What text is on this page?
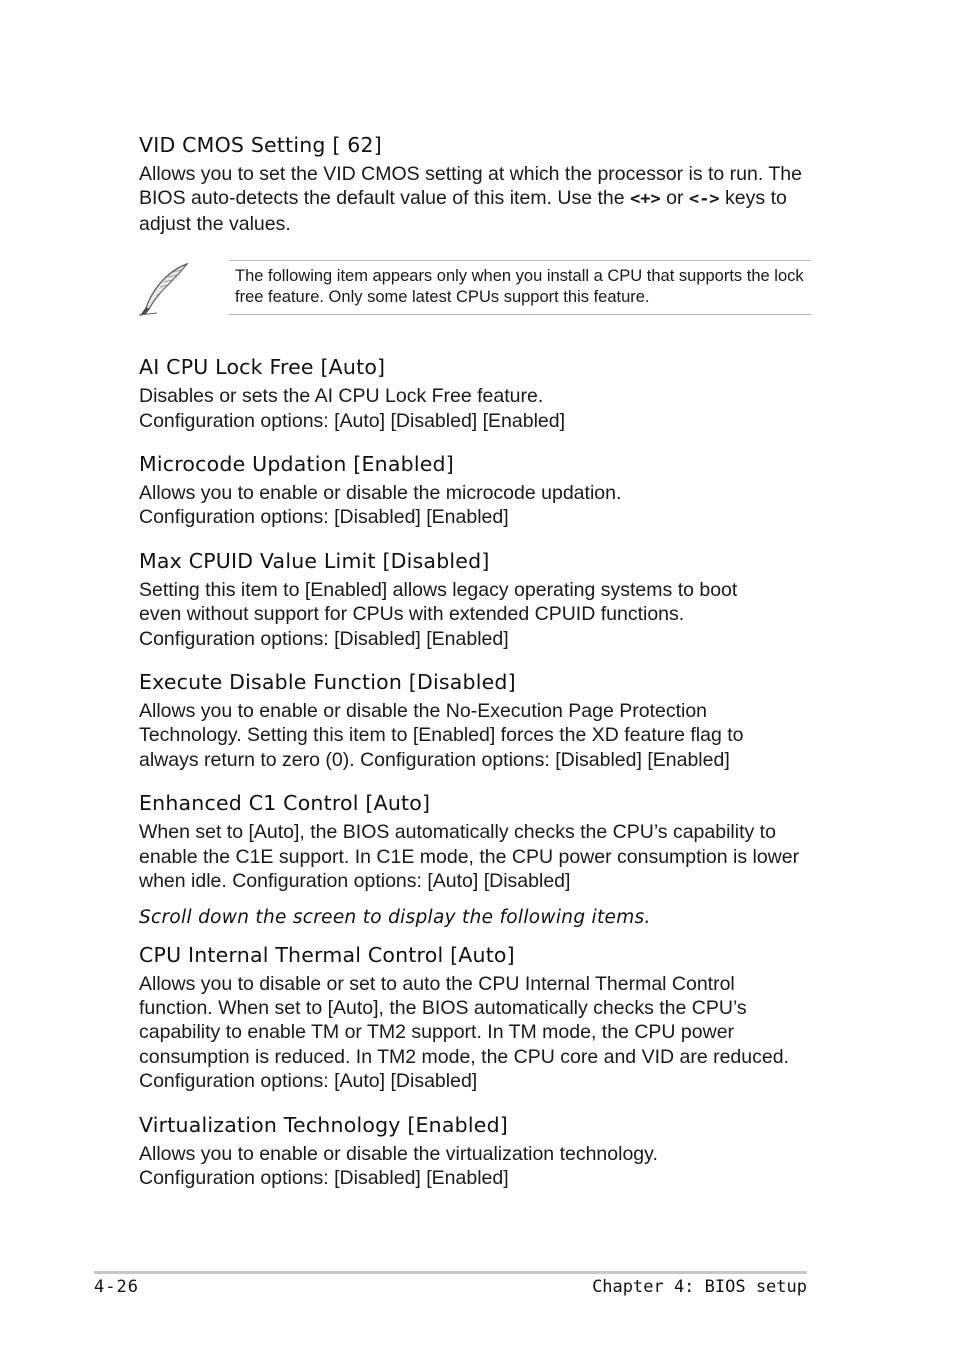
VID CMOS Setting [ 62]

Allows you to set the VID CMOS setting at which the processor is to run. The BIOS auto-detects the default value of this item. Use the <+> or <-> keys to adjust the values.

The following item appears only when you install a CPU that supports the lock free feature. Only some latest CPUs support this feature.

AI CPU Lock Free [Auto]

Disables or sets the AI CPU Lock Free feature.

Configuration options: [Auto] [Disabled] [Enabled]

Microcode Updation [Enabled]

Allows you to enable or disable the microcode updation.

Configuration options: [Disabled] [Enabled]

Max CPUID Value Limit [Disabled]

Setting this item to [Enabled] allows legacy operating systems to boot

even without support for CPUs with extended CPUID functions.

Configuration options: [Disabled] [Enabled]

Execute Disable Function [Disabled]

Allows you to enable or disable the No-Execution Page Protection

Technology. Setting this item to [Enabled] forces the XD feature flag to

always return to zero (0). Configuration options: [Disabled] [Enabled]

Enhanced C1 Control [Auto]

When set to [Auto], the BIOS automatically checks the CPU’s capability to

enable the C1E support. In C1E mode, the CPU power consumption is lower

when idle. Configuration options: [Auto] [Disabled]

Scroll down the screen to display the following items.

CPU Internal Thermal Control [Auto]

Allows you to disable or set to auto the CPU Internal Thermal Control

function. When set to [Auto], the BIOS automatically checks the CPU’s

capability to enable TM or TM2 support. In TM mode, the CPU power

consumption is reduced. In TM2 mode, the CPU core and VID are reduced.

Configuration options: [Auto] [Disabled]

Virtualization Technology [Enabled]

Allows you to enable or disable the virtualization technology.

Configuration options: [Disabled] [Enabled]

4-26	Chapter 4: BIOS setup
